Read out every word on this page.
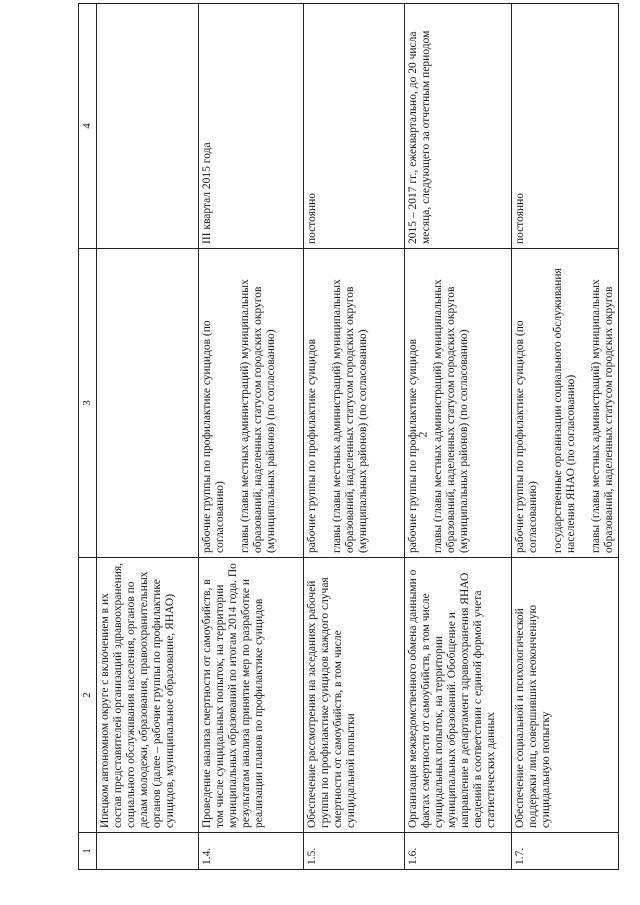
2
1	2	3	4
	Ипецком автономном округе с включением в их состав представителей организаций здравоохранения, социального обслуживания населения, органов по делам молодежи, образования, правоохранительных органов (далее – рабочие группы по профилактике суицидов, муниципальное образование, ЯНАО)		
1.4.	Проведение анализа смертности от самоубийств, в том числе суицидальных попыток, на территории муниципальных образований по итогам 2014 года. По результатам анализа принятие мер по разработке и реализации планов по профилактике суицидов	рабочие группы по профилактике суицидов (по согласованию) главы (главы местных администраций) муниципальных образований, наделенных статусом городских округов (муниципальных районов) (по согласованию)	III квартал 2015 года
1.5.	Обеспечение рассмотрения на заседаниях рабочей группы по профилактике суицидов каждого случая смертности от самоубийств, в том числе суицидальной попытки	рабочие группы по профилактике суицидов главы (главы местных администраций) муниципальных образований, наделенных статусом городских округов (муниципальных районов) (по согласованию)	постоянно
1.6.	Организация межведомственного обмена данными о фактах смертности от самоубийств, в том числе суицидальных попыток, на территории муниципальных образований. Обобщение и направление в департамент здравоохранения ЯНАО сведений в соответствии с единой формой учета статистических данных	рабочие группы по профилактике суицидов главы (главы местных администраций) муниципальных образований, наделенных статусом городских округов (муниципальных районов) (по согласованию)	2015 – 2017 гг., ежеквартально, до 20 числа месяца, следующего за отчетным периодом
1.7.	Обеспечение социальной и психологической поддержки лиц, совершивших неоконченную суицидальную попытку	рабочие группы по профилактике суицидов (по согласованию) государственные организации социального обслуживания населения ЯНАО (по согласованию) главы (главы местных администраций) муниципальных образований, наделенных статусом городских округов	постоянно
